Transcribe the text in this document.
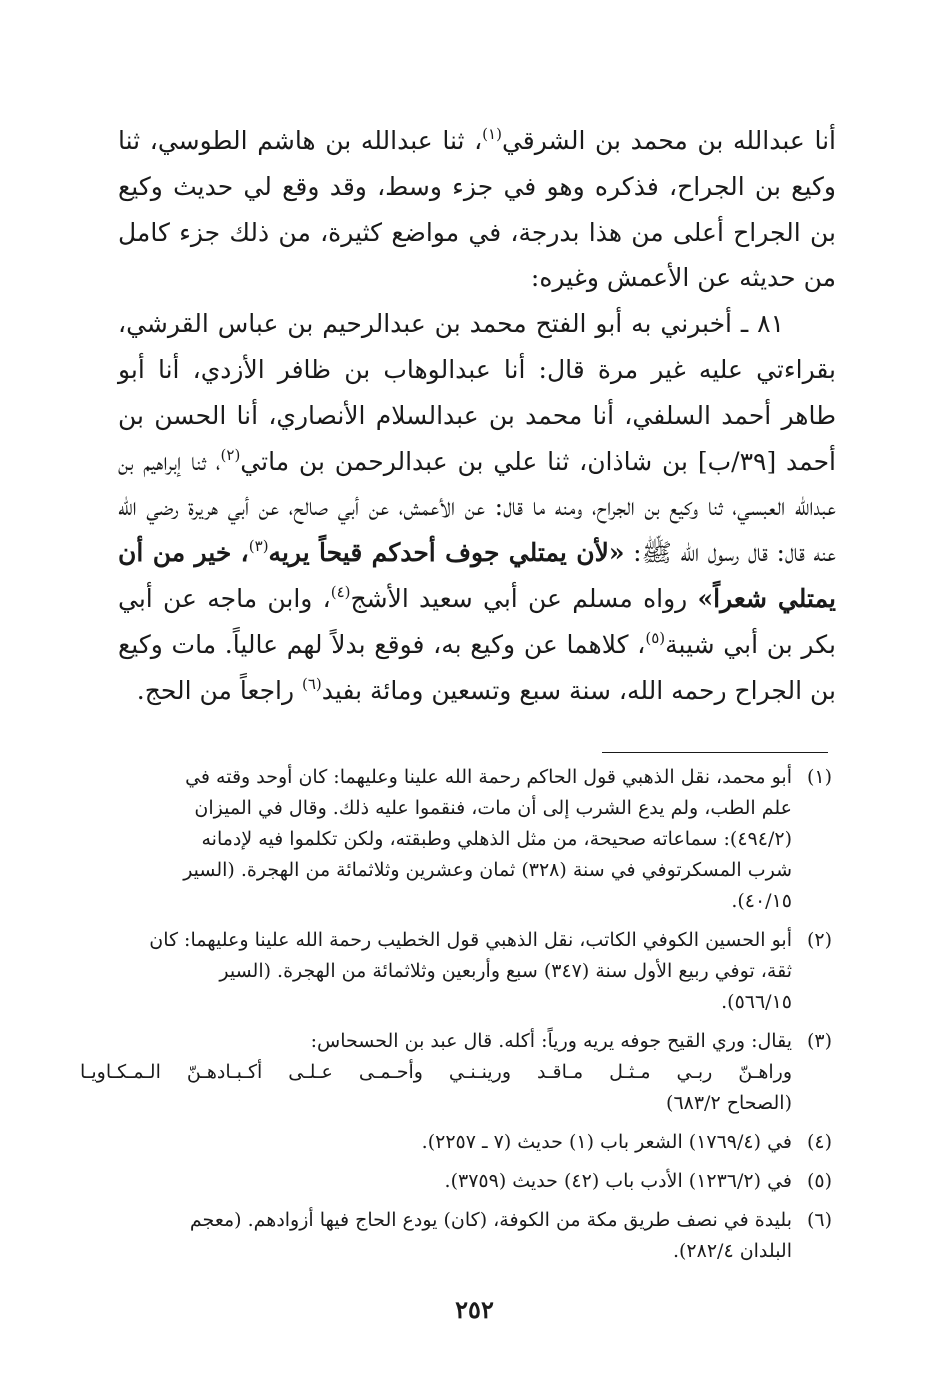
أنا عبدالله بن محمد بن الشرقي$^{(١)}$، ثنا عبدالله بن هاشم الطوسي، ثنا وكيع بن الجراح، فذكره وهو في جزء وسط، وقد وقع لي حديث وكيع بن الجراح أعلى من هذا بدرجة، في مواضع كثيرة، من ذلك جزء كامل من حديثه عن الأعمش وغيره:

٨١ ـ أخبرني به أبو الفتح محمد بن عبدالرحيم بن عباس القرشي، بقراءتي عليه غير مرة قال: أنا عبدالوهاب بن ظافر الأزدي، أنا أبو طاهر أحمد السلفي، أنا محمد بن عبدالسلام الأنصاري، أنا الحسن بن أحمد [٣٩/ب] بن شاذان، ثنا علي بن عبدالرحمن بن ماتي$^{(٢)}$، ثنا إبراهيم بن عبدالله العبسي، ثنا وكيع بن الجراح، ومنه ما قال: عن الأعمش، عن أبي صالح، عن أبي هريرة رضي الله عنه قال: قال رسول الله ﷺ: «لأن يمتلي جوف أحدكم قيحاً يريه$^{(٣)}$، خير من أن يمتلي شعراً» رواه مسلم عن أبي سعيد الأشج$^{(٤)}$، وابن ماجه عن أبي بكر بن أبي شيبة$^{(٥)}$، كلاهما عن وكيع به، فوقع بدلاً لهم عالياً. مات وكيع بن الجراح رحمه الله، سنة سبع وتسعين ومائة بفيد$^{(٦)}$ راجعاً من الحج.

(١)
أبو محمد، نقل الذهبي قول الحاكم رحمة الله علينا وعليهما: كان أوحد وقته في
علم الطب، ولم يدع الشرب إلى أن مات، فنقموا عليه ذلك. وقال في الميزان
(٤٩٤/٢): سماعاته صحيحة، من مثل الذهلي وطبقته، ولكن تكلموا فيه لإدمانه
شرب المسكرتوفي في سنة (٣٢٨) ثمان وعشرين وثلاثمائة من الهجرة. (السير
٤٠/١٥).
(٢)
أبو الحسين الكوفي الكاتب، نقل الذهبي قول الخطيب رحمة الله علينا وعليهما: كان
ثقة، توفي ربيع الأول سنة (٣٤٧) سبع وأربعين وثلاثمائة من الهجرة. (السير
٥٦٦/١٥).
(٣)
يقال: وري القيح جوفه يريه ورياً: أكله. قال عبد بن الحسحاس:
وراهـنّ ربـي مـثـل مـاقـد ورينـنـي وأحـمـى عـلـى أكـبـادهـنّ الـمـكـاويـا
(الصحاح ٦٨٣/٢)
(٤)
في (١٧٦٩/٤) الشعر باب (١) حديث (٧ ـ ٢٢٥٧).
(٥)
في (١٢٣٦/٢) الأدب باب (٤٢) حديث (٣٧٥٩).
(٦)
بليدة في نصف طريق مكة من الكوفة، (كان) يودع الحاج فيها أزوادهم. (معجم
البلدان ٢٨٢/٤).
٢٥٢
